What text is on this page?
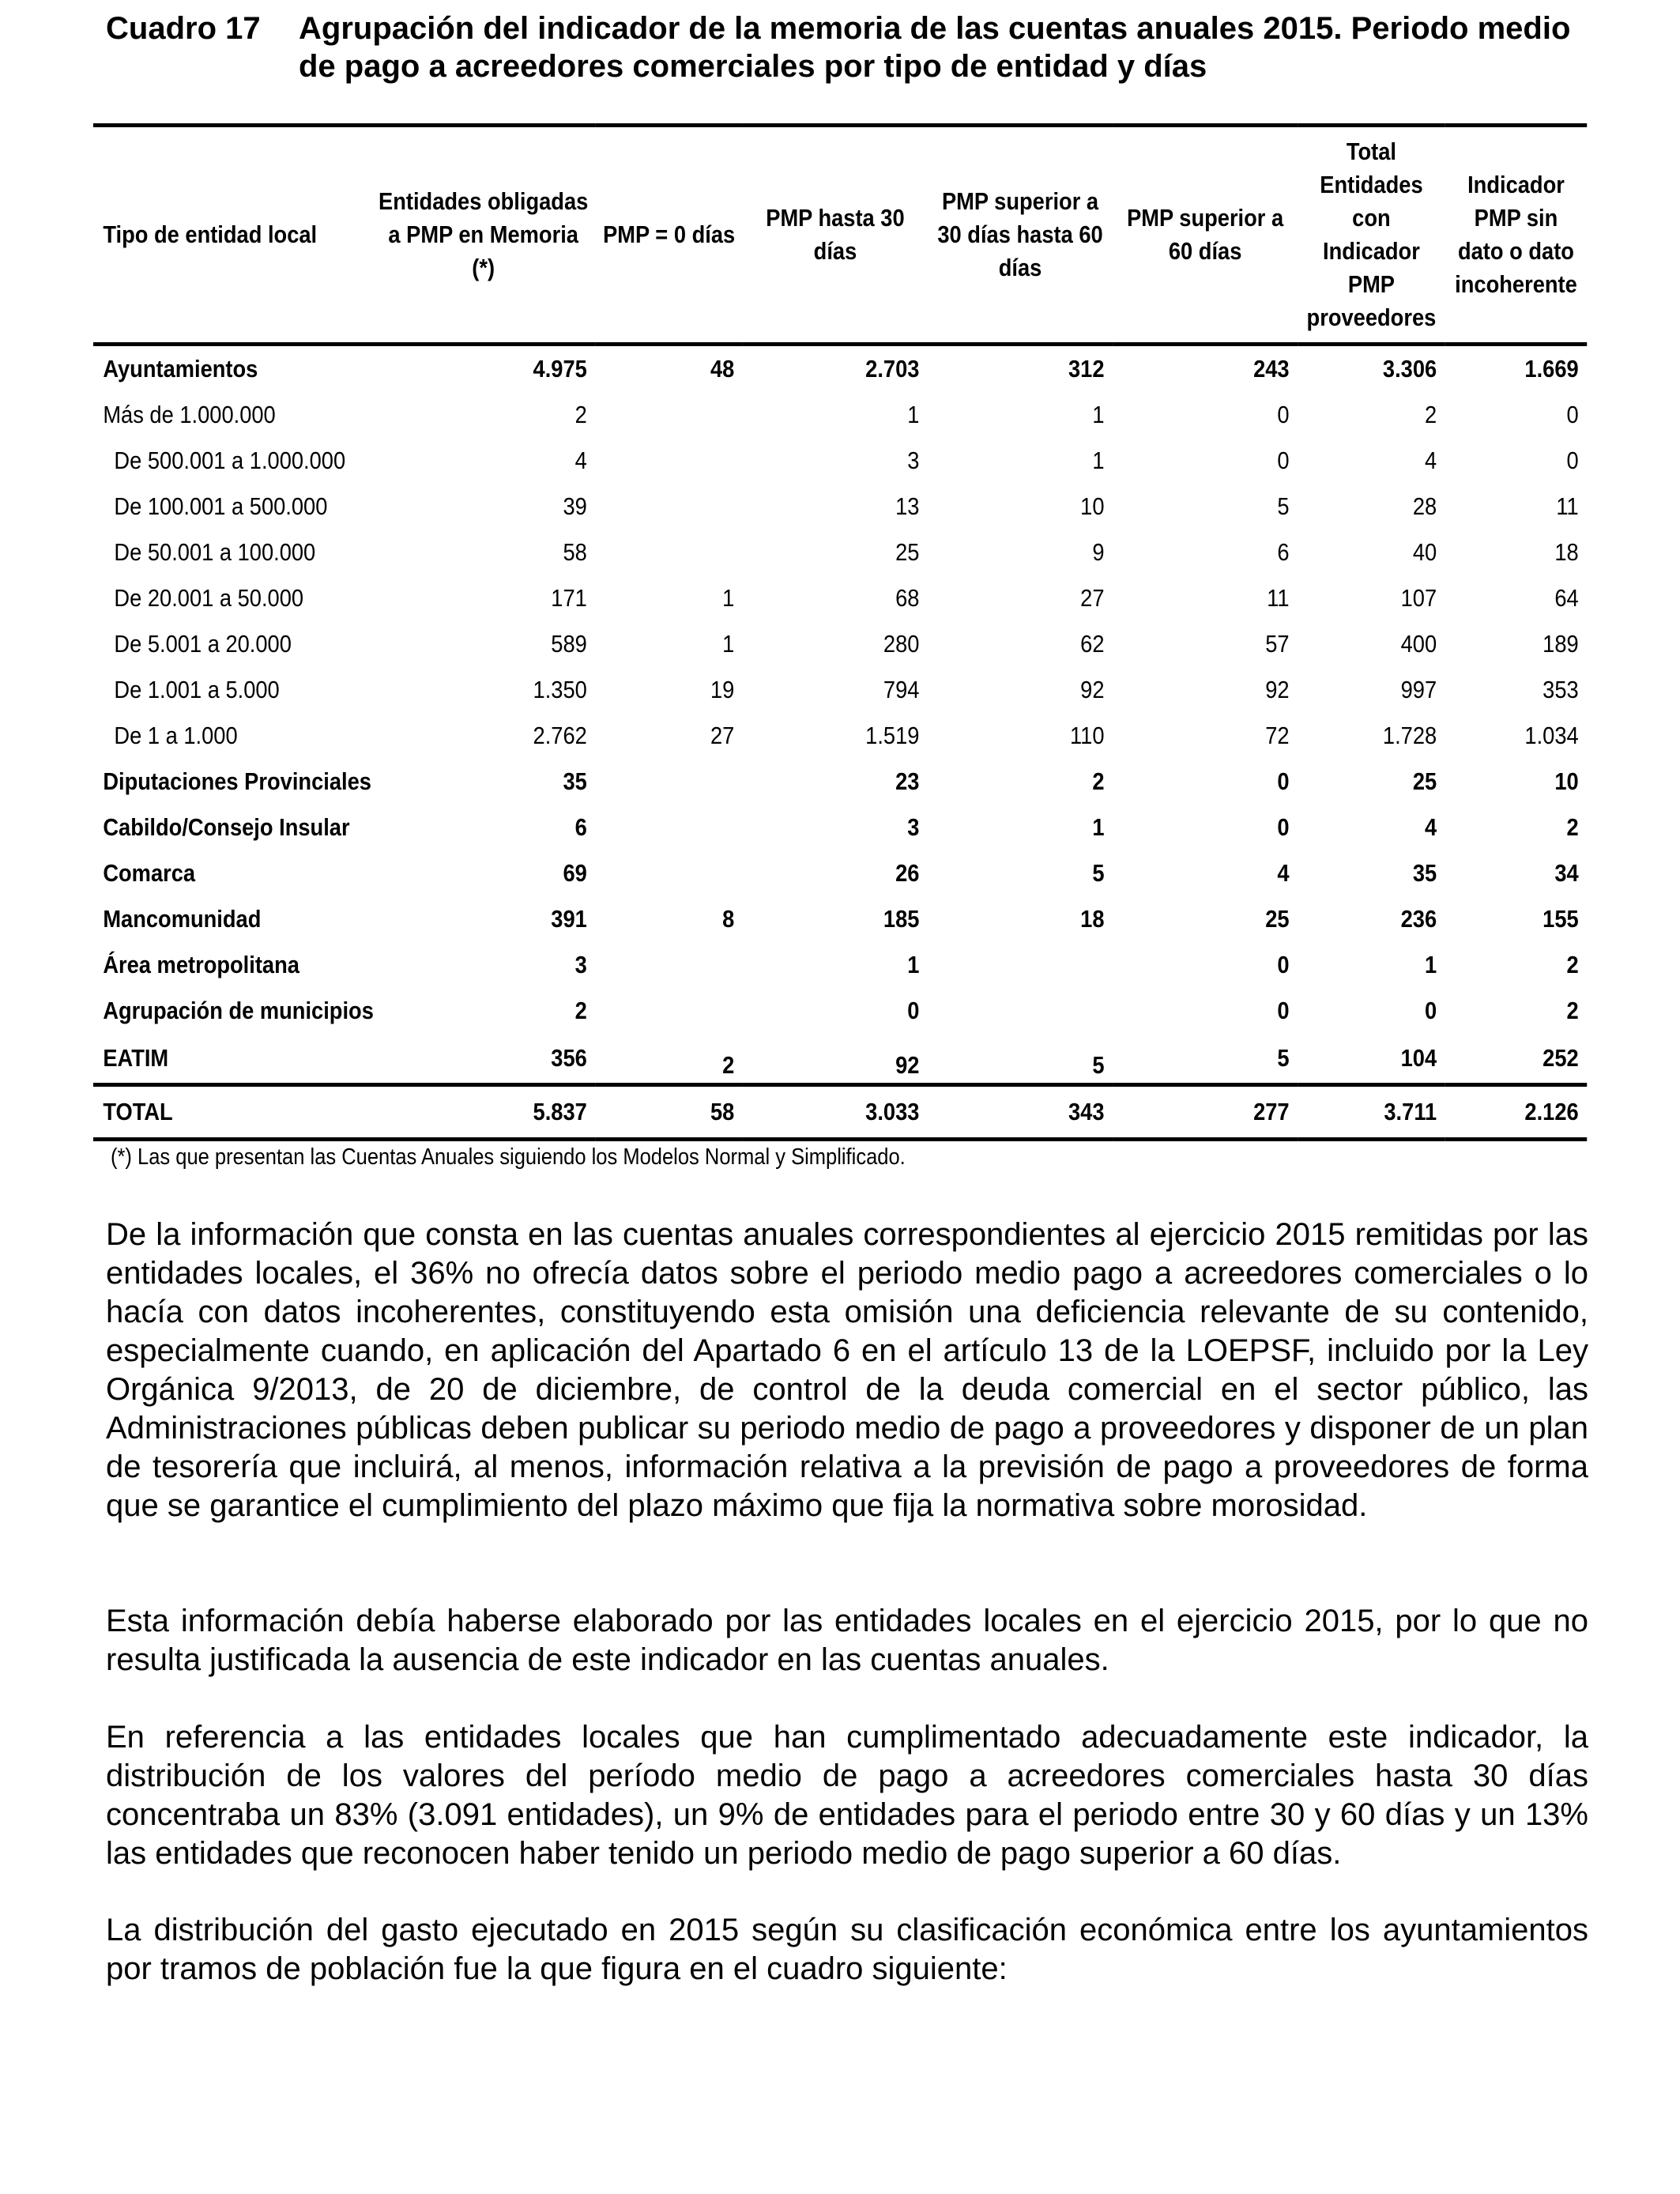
Cuadro 17	Agrupación del indicador de la memoria de las cuentas anuales 2015. Periodo medio de pago a acreedores comerciales por tipo de entidad y días
Tipo de entidad local	Entidades obligadas a PMP en Memoria (*)	PMP = 0 días	PMP hasta 30 días	PMP superior a 30 días hasta 60 días	PMP superior a 60 días	Total Entidades con Indicador PMP proveedores	Indicador PMP sin dato o dato incoherente
Ayuntamientos	4.975	48	2.703	312	243	3.306	1.669
Más de 1.000.000	2		1	1	0	2	0
De 500.001 a 1.000.000	4		3	1	0	4	0
De 100.001 a 500.000	39		13	10	5	28	11
De 50.001 a 100.000	58		25	9	6	40	18
De 20.001 a 50.000	171	1	68	27	11	107	64
De 5.001 a 20.000	589	1	280	62	57	400	189
De 1.001 a 5.000	1.350	19	794	92	92	997	353
De 1 a 1.000	2.762	27	1.519	110	72	1.728	1.034
Diputaciones Provinciales	35		23	2	0	25	10
Cabildo/Consejo Insular	6		3	1	0	4	2
Comarca	69		26	5	4	35	34
Mancomunidad	391	8	185	18	25	236	155
Área metropolitana	3		1		0	1	2
Agrupación de municipios	2		0		0	0	2
EATIM	356	2	92	5	5	104	252
TOTAL	5.837	58	3.033	343	277	3.711	2.126
(*) Las que presentan las Cuentas Anuales siguiendo los Modelos Normal y Simplificado.

De la información que consta en las cuentas anuales correspondientes al ejercicio 2015 remitidas por las entidades locales, el 36% no ofrecía datos sobre el periodo medio pago a acreedores comerciales o lo hacía con datos incoherentes, constituyendo esta omisión una deficiencia relevante de su contenido, especialmente cuando, en aplicación del Apartado 6 en el artículo 13 de la LOEPSF, incluido por la Ley Orgánica 9/2013, de 20 de diciembre, de control de la deuda comercial en el sector público, las Administraciones públicas deben publicar su periodo medio de pago a proveedores y disponer de un plan de tesorería que incluirá, al menos, información relativa a la previsión de pago a proveedores de forma que se garantice el cumplimiento del plazo máximo que fija la normativa sobre morosidad.

Esta información debía haberse elaborado por las entidades locales en el ejercicio 2015, por lo que no resulta justificada la ausencia de este indicador en las cuentas anuales.

En referencia a las entidades locales que han cumplimentado adecuadamente este indicador, la distribución de los valores del período medio de pago a acreedores comerciales hasta 30 días concentraba un 83% (3.091 entidades), un 9% de entidades para el periodo entre 30 y 60 días y un 13% las entidades que reconocen haber tenido un periodo medio de pago superior a 60 días.

La distribución del gasto ejecutado en 2015 según su clasificación económica entre los ayuntamientos por tramos de población fue la que figura en el cuadro siguiente:
